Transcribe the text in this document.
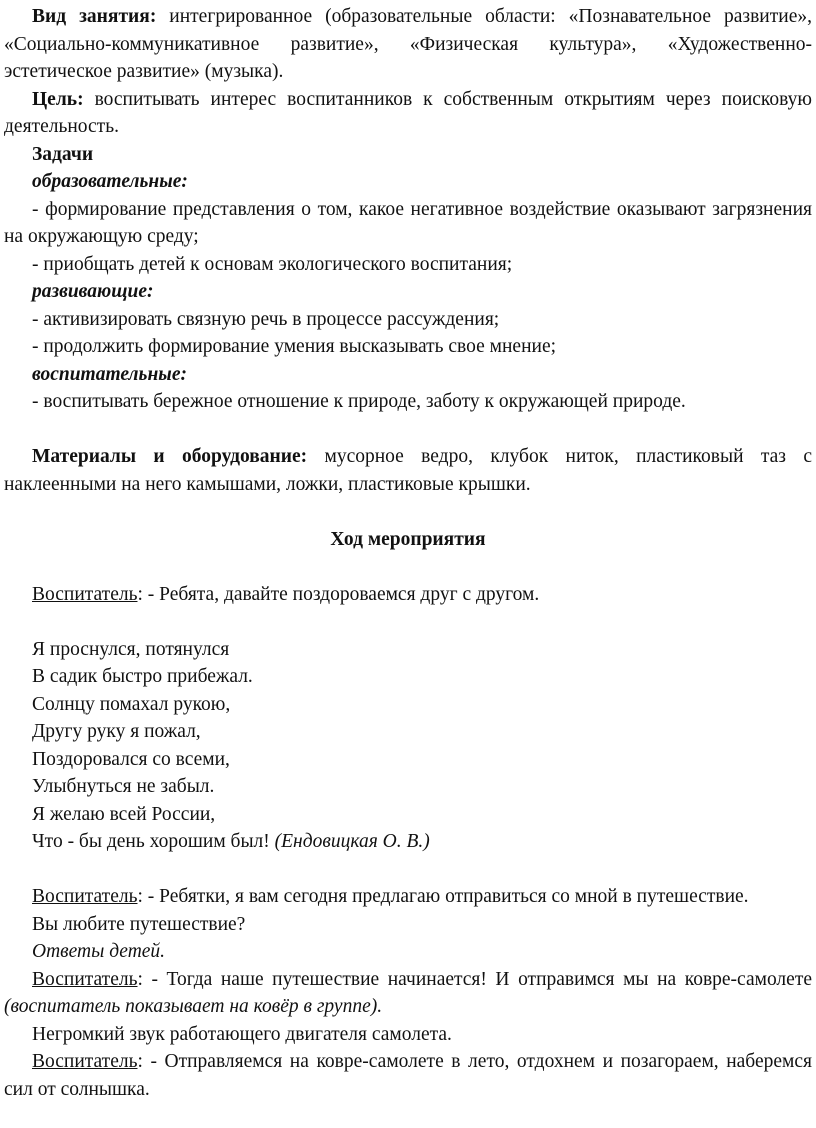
Вид занятия: интегрированное (образовательные области: «Познавательное развитие», «Социально-коммуникативное развитие», «Физическая культура», «Художественно-эстетическое развитие» (музыка).

Цель: воспитывать интерес воспитанников к собственным открытиям через поисковую деятельность.

Задачи

образовательные:

- формирование представления о том, какое негативное воздействие оказывают загрязнения на окружающую среду;

- приобщать детей к основам экологического воспитания;

развивающие:

- активизировать связную речь в процессе рассуждения;

- продолжить формирование умения высказывать свое мнение;

воспитательные:

- воспитывать бережное отношение к природе, заботу к окружающей природе.

Материалы и оборудование: мусорное ведро, клубок ниток, пластиковый таз с наклеенными на него камышами, ложки, пластиковые крышки.

Ход мероприятия

Воспитатель: - Ребята, давайте поздороваемся друг с другом.

Я проснулся, потянулся
В садик быстро прибежал.
Солнцу помахал рукою,
Другу руку я пожал,
Поздоровался со всеми,
Улыбнуться не забыл.
Я желаю всей России,
Что - бы день хорошим был! (Ендовицкая О. В.)

Воспитатель: - Ребятки, я вам сегодня предлагаю отправиться со мной в путешествие.

Вы любите путешествие?

Ответы детей.

Воспитатель: - Тогда наше путешествие начинается! И отправимся мы на ковре-самолете (воспитатель показывает на ковёр в группе).

Негромкий звук работающего двигателя самолета.

Воспитатель: - Отправляемся на ковре-самолете в лето, отдохнем и позагораем, наберемся сил от солнышка.
